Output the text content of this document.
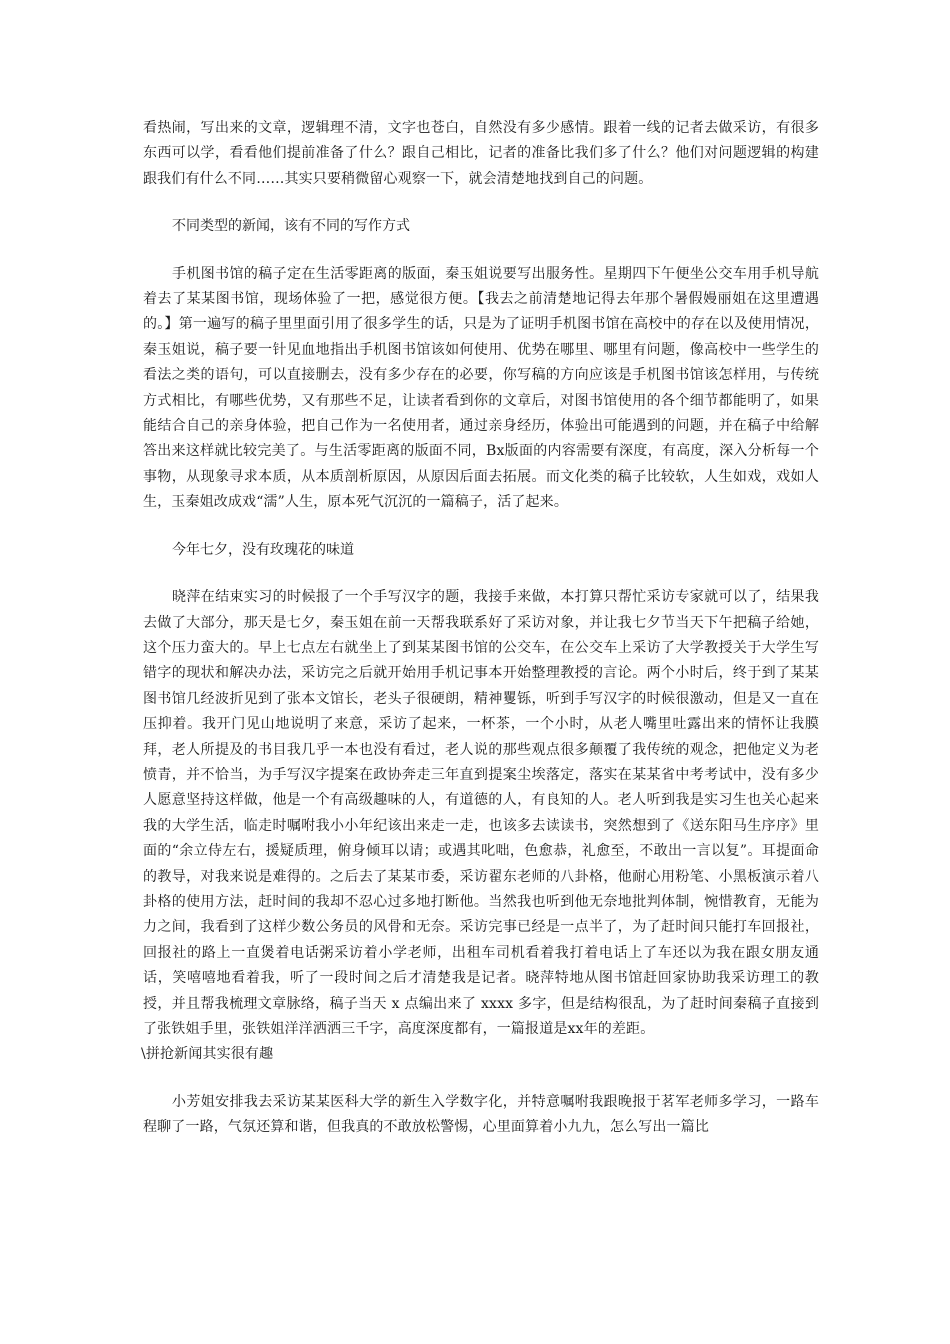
看热闹，写出来的文章，逻辑理不清，文字也苍白，自然没有多少感情。跟着一线的记者去做采访，有很多东西可以学，看看他们提前准备了什么？跟自己相比，记者的准备比我们多了什么？他们对问题逻辑的构建跟我们有什么不同……其实只要稍微留心观察一下，就会清楚地找到自己的问题。

不同类型的新闻，该有不同的写作方式

手机图书馆的稿子定在生活零距离的版面，秦玉姐说要写出服务性。星期四下午便坐公交车用手机导航着去了某某图书馆，现场体验了一把，感觉很方便。【我去之前清楚地记得去年那个暑假嫚丽姐在这里遭遇的。】第一遍写的稿子里里面引用了很多学生的话，只是为了证明手机图书馆在高校中的存在以及使用情况，秦玉姐说，稿子要一针见血地指出手机图书馆该如何使用、优势在哪里、哪里有问题，像高校中一些学生的看法之类的语句，可以直接删去，没有多少存在的必要，你写稿的方向应该是手机图书馆该怎样用，与传统方式相比，有哪些优势，又有那些不足，让读者看到你的文章后，对图书馆使用的各个细节都能明了，如果能结合自己的亲身体验，把自己作为一名使用者，通过亲身经历，体验出可能遇到的问题，并在稿子中给解答出来这样就比较完美了。与生活零距离的版面不同，Bx版面的内容需要有深度，有高度，深入分析每一个事物，从现象寻求本质，从本质剖析原因，从原因后面去拓展。而文化类的稿子比较软，人生如戏，戏如人生，玉秦姐改成戏“濡”人生，原本死气沉沉的一篇稿子，活了起来。

今年七夕，没有玫瑰花的味道

晓萍在结束实习的时候报了一个手写汉字的题，我接手来做，本打算只帮忙采访专家就可以了，结果我去做了大部分，那天是七夕，秦玉姐在前一天帮我联系好了采访对象，并让我七夕节当天下午把稿子给她，这个压力蛮大的。早上七点左右就坐上了到某某图书馆的公交车，在公交车上采访了大学教授关于大学生写错字的现状和解决办法，采访完之后就开始用手机记事本开始整理教授的言论。两个小时后，终于到了某某图书馆几经波折见到了张本文馆长，老头子很硬朗，精神矍铄，听到手写汉字的时候很激动，但是又一直在压抑着。我开门见山地说明了来意，采访了起来，一杯茶，一个小时，从老人嘴里吐露出来的情怀让我膜拜，老人所提及的书目我几乎一本也没有看过，老人说的那些观点很多颠覆了我传统的观念，把他定义为老愤青，并不恰当，为手写汉字提案在政协奔走三年直到提案尘埃落定，落实在某某省中考考试中，没有多少人愿意坚持这样做，他是一个有高级趣味的人，有道德的人，有良知的人。老人听到我是实习生也关心起来我的大学生活，临走时嘱咐我小小年纪该出来走一走，也该多去读读书，突然想到了《送东阳马生序序》里面的“余立侍左右，援疑质理，俯身倾耳以请；或遇其叱咄，色愈恭，礼愈至，不敢出一言以复”。耳提面命的教导，对我来说是难得的。之后去了某某市委，采访翟东老师的八卦格，他耐心用粉笔、小黑板演示着八卦格的使用方法，赶时间的我却不忍心过多地打断他。当然我也听到他无奈地批判体制，惋惜教育，无能为力之间，我看到了这样少数公务员的风骨和无奈。采访完事已经是一点半了，为了赶时间只能打车回报社，回报社的路上一直煲着电话粥采访着小学老师，出租车司机看着我打着电话上了车还以为我在跟女朋友通话，笑嘻嘻地看着我，听了一段时间之后才清楚我是记者。晓萍特地从图书馆赶回家协助我采访理工的教授，并且帮我梳理文章脉络，稿子当天 x 点编出来了 xxxx 多字，但是结构很乱，为了赶时间秦稿子直接到了张铁姐手里，张铁姐洋洋洒洒三千字，高度深度都有，一篇报道是xx年的差距。

\拼抢新闻其实很有趣

小芳姐安排我去采访某某医科大学的新生入学数字化，并特意嘱咐我跟晚报于茗军老师多学习，一路车程聊了一路，气氛还算和谐，但我真的不敢放松警惕，心里面算着小九九，怎么写出一篇比
